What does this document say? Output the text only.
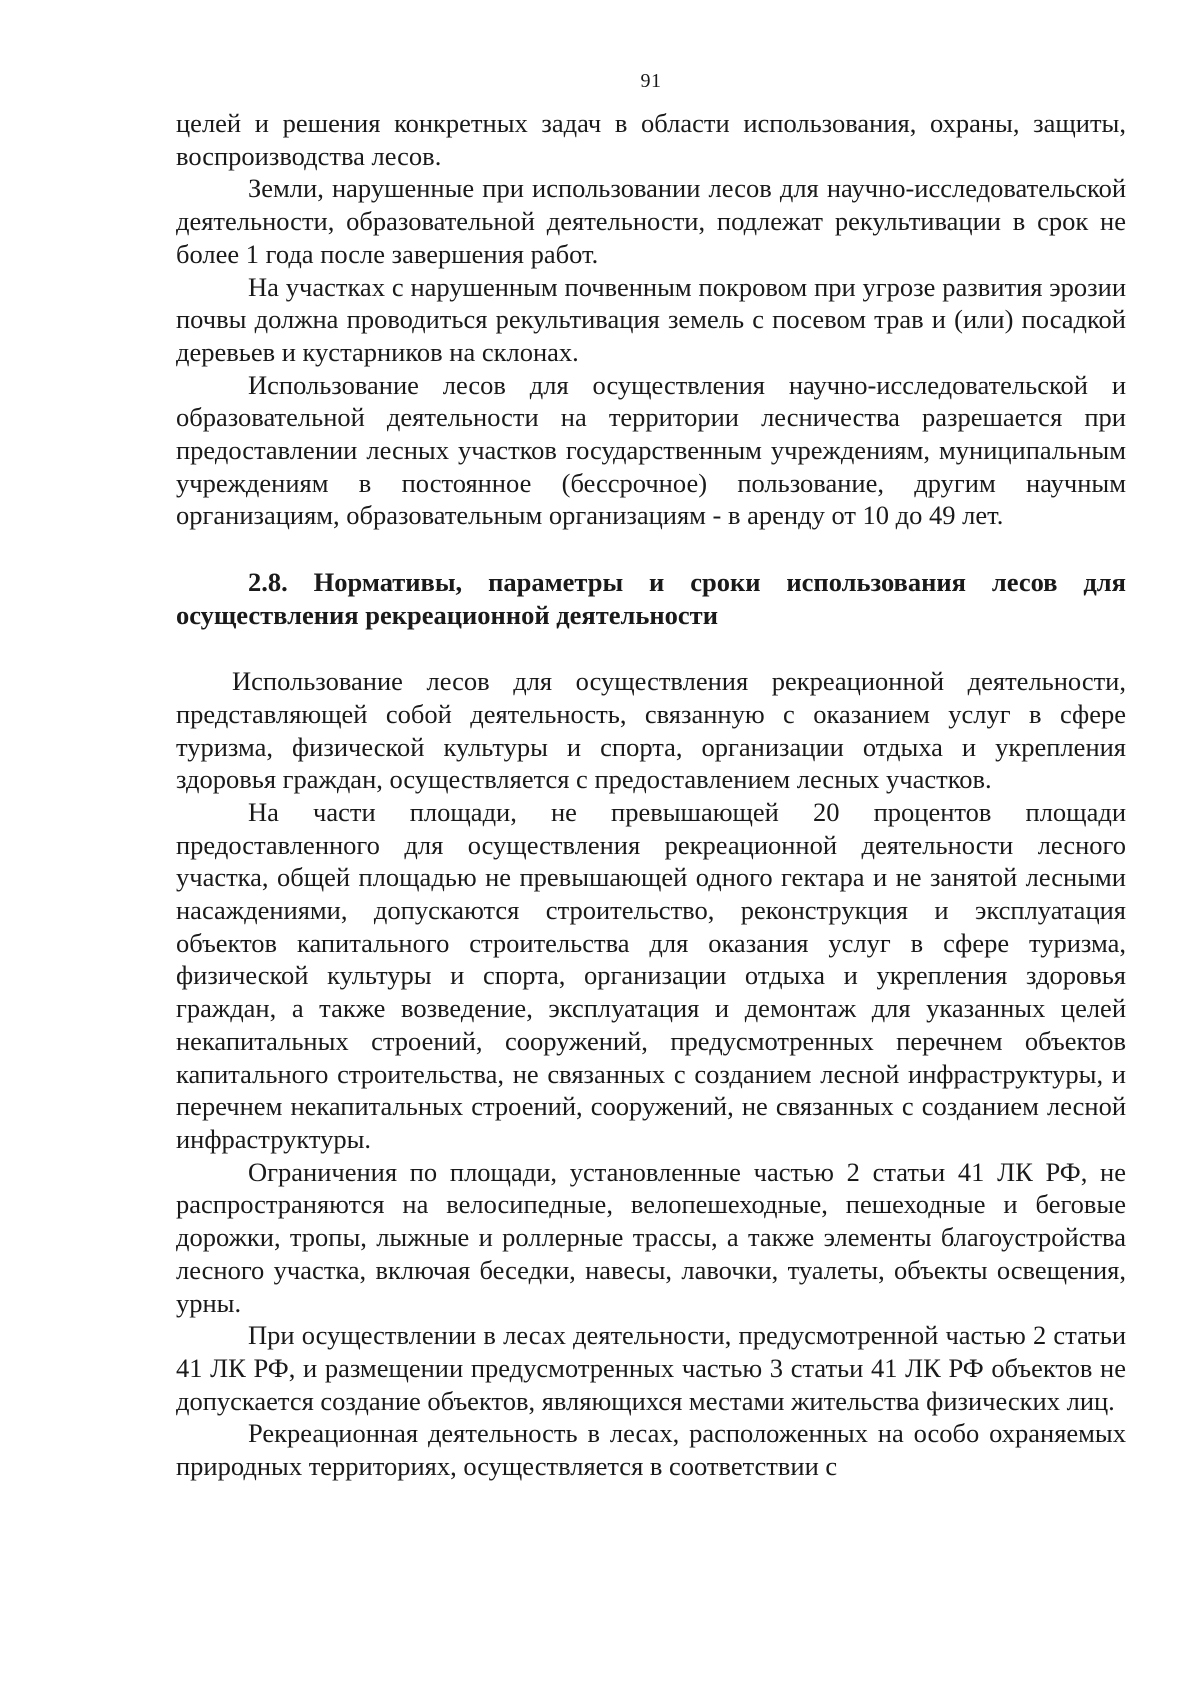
91

целей и решения конкретных задач в области использования, охраны, защиты, воспроизводства лесов.

Земли, нарушенные при использовании лесов для научно-исследовательской деятельности, образовательной деятельности, подлежат рекультивации в срок не более 1 года после завершения работ.

На участках с нарушенным почвенным покровом при угрозе развития эрозии почвы должна проводиться рекультивация земель с посевом трав и (или) посадкой деревьев и кустарников на склонах.

Использование лесов для осуществления научно-исследовательской и образовательной деятельности на территории лесничества разрешается при предоставлении лесных участков государственным учреждениям, муниципальным учреждениям в постоянное (бессрочное) пользование, другим научным организациям, образовательным организациям - в аренду от 10 до 49 лет.

2.8. Нормативы, параметры и сроки использования лесов для осуществления рекреационной деятельности

Использование лесов для осуществления рекреационной деятельности, представляющей собой деятельность, связанную с оказанием услуг в сфере туризма, физической культуры и спорта, организации отдыха и укрепления здоровья граждан, осуществляется с предоставлением лесных участков.

На части площади, не превышающей 20 процентов площади предоставленного для осуществления рекреационной деятельности лесного участка, общей площадью не превышающей одного гектара и не занятой лесными насаждениями, допускаются строительство, реконструкция и эксплуатация объектов капитального строительства для оказания услуг в сфере туризма, физической культуры и спорта, организации отдыха и укрепления здоровья граждан, а также возведение, эксплуатация и демонтаж для указанных целей некапитальных строений, сооружений, предусмотренных перечнем объектов капитального строительства, не связанных с созданием лесной инфраструктуры, и перечнем некапитальных строений, сооружений, не связанных с созданием лесной инфраструктуры.

Ограничения по площади, установленные частью 2 статьи 41 ЛК РФ, не распространяются на велосипедные, велопешеходные, пешеходные и беговые дорожки, тропы, лыжные и роллерные трассы, а также элементы благоустройства лесного участка, включая беседки, навесы, лавочки, туалеты, объекты освещения, урны.

При осуществлении в лесах деятельности, предусмотренной частью 2 статьи 41 ЛК РФ, и размещении предусмотренных частью 3 статьи 41 ЛК РФ объектов не допускается создание объектов, являющихся местами жительства физических лиц.

Рекреационная деятельность в лесах, расположенных на особо охраняемых природных территориях, осуществляется в соответствии с
